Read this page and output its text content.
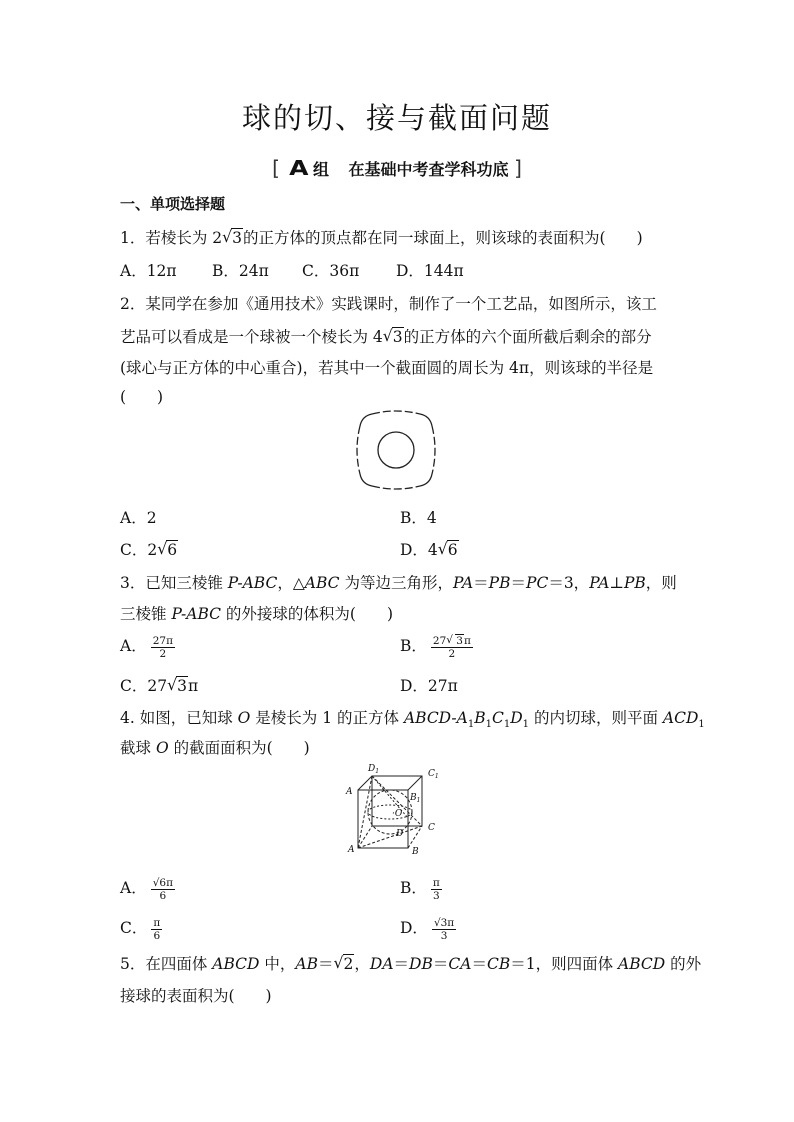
球的切、接与截面问题
[ A 组 在基础中考查学科功底 ]
一、单项选择题
1．若棱长为 2 √ 3的正方体的顶点都在同一球面上，则该球的表面积为(　　)
A．12π B．24π C．36π D．144π
2．某同学在参加《通用技术》实践课时，制作了一个工艺品，如图所示，该工
艺品可以看成是一个球被一个棱长为 4 √ 3的正方体的六个面所截后剩余的部分
(球心与正方体的中心重合)，若其中一个截面圆的周长为 4π，则该球的半径是
(　　)
A．2	B．4
C．2 √ 6	D．4 √ 6
3．已知三棱锥 P-ABC，△ABC 为等边三角形，PA＝PB＝PC＝3，PA⊥PB，则
三棱锥 P-ABC 的外接球的体积为(　　)
A． $\frac{27\pi}{2}$	B． $\frac{27 √ 3\pi}{2}$
C．27 √ 3π	D．27π
4. 如图，已知球 O 是棱长为 1 的正方体 ABCD-$A_1B_1C_1D_1$ 的内切球，则平面 $ACD_1$
截球 O 的截面面积为(　　)
$D_1$	$C_1$
A
$B_1$
·O
C
D
A	B
A． $\frac{√6\pi}{6}$	B． $\frac{\pi}{3}$
C． $\frac{\pi}{6}$	D． $\frac{√3\pi}{3}$
5．在四面体 ABCD 中，AB＝ √ 2，DA＝DB＝CA＝CB＝1，则四面体 ABCD 的外
接球的表面积为(　　)
